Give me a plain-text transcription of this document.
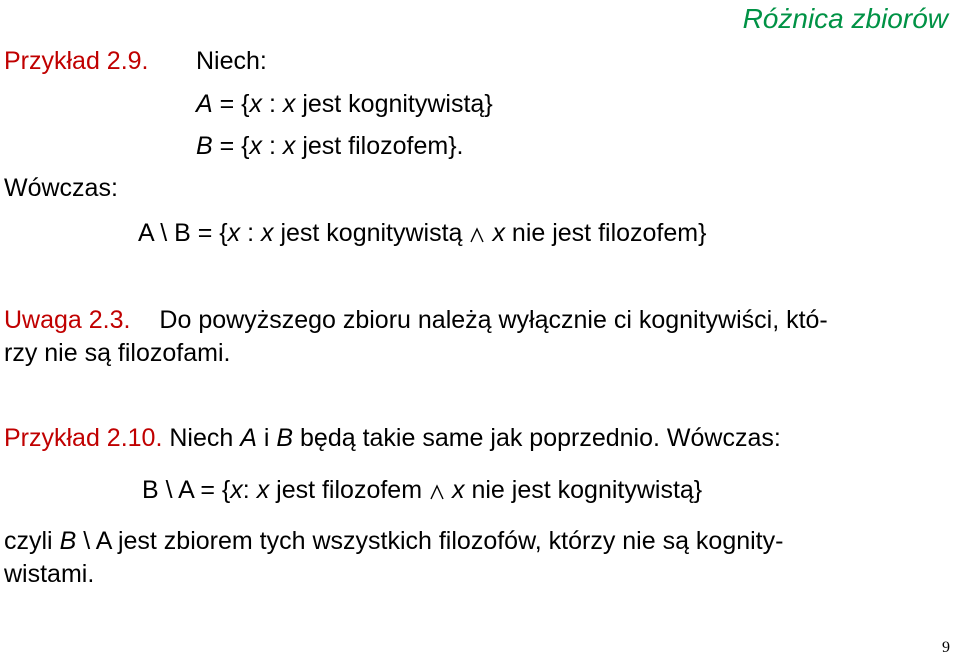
Różnica zbiorów
Przykład 2.9. Niech:
A = {x : x jest kognitywistą}
B = {x : x jest filozofem}.
Wówczas:
A \ B = {x : x jest kognitywistą x nie jest filozofem}
Uwaga 2.3. Do powyższego zbioru należą wyłącznie ci kognitywiści, któ-
rzy nie są filozofami.
Przykład 2.10. Niech A i B będą takie same jak poprzednio. Wówczas:
B \ A = {x: x jest filozofem x nie jest kognitywistą}
czyli B \ A jest zbiorem tych wszystkich filozofów, którzy nie są kognity-
wistami.
9
